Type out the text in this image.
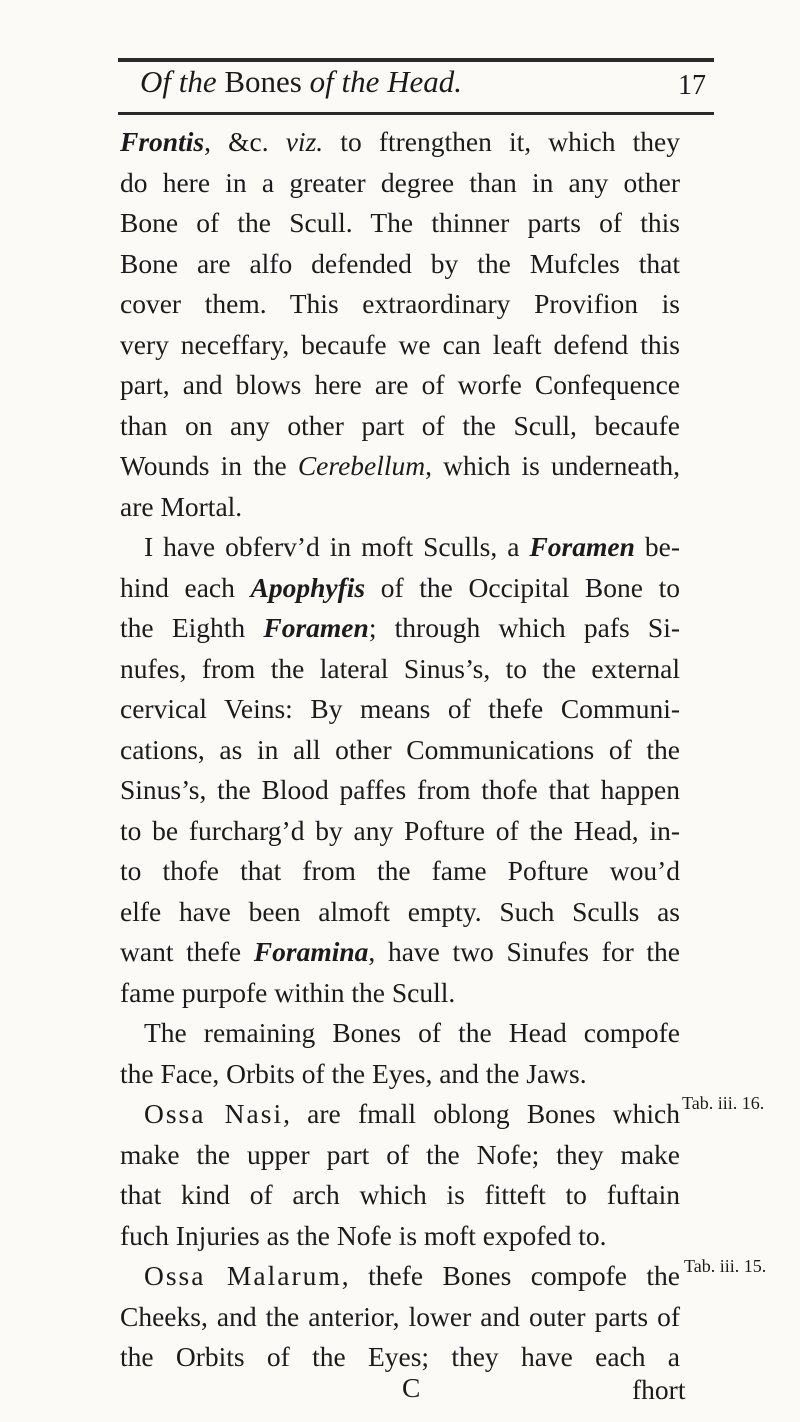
Of the Bones of the Head.	17
Frontis, &c. viz. to ftrengthen it, which they
do here in a greater degree than in any other
Bone of the Scull. The thinner parts of this
Bone are alfo defended by the Mufcles that
cover them. This extraordinary Provifion is
very neceffary, becaufe we can leaft defend this
part, and blows here are of worfe Confequence
than on any other part of the Scull, becaufe
Wounds in the Cerebellum, which is underneath,
are Mortal.
I have obferv’d in moft Sculls, a Foramen be-
hind each Apophyfis of the Occipital Bone to
the Eighth Foramen; through which pafs Si-
nufes, from the lateral Sinus’s, to the external
cervical Veins: By means of thefe Communi-
cations, as in all other Communications of the
Sinus’s, the Blood paffes from thofe that happen
to be furcharg’d by any Pofture of the Head, in-
to thofe that from the fame Pofture wou’d
elfe have been almoft empty. Such Sculls as
want thefe Foramina, have two Sinufes for the
fame purpofe within the Scull.
The remaining Bones of the Head compofe
the Face, Orbits of the Eyes, and the Jaws.
Ossa Nasi, are fmall oblong Bones which
make the upper part of the Nofe; they make
that kind of arch which is fitteft to fuftain
fuch Injuries as the Nofe is moft expofed to.
Ossa Malarum, thefe Bones compofe the
Cheeks, and the anterior, lower and outer parts of
the Orbits of the Eyes; they have each a
Tab. iii. 16.
Tab. iii. 15.
C	fhort
